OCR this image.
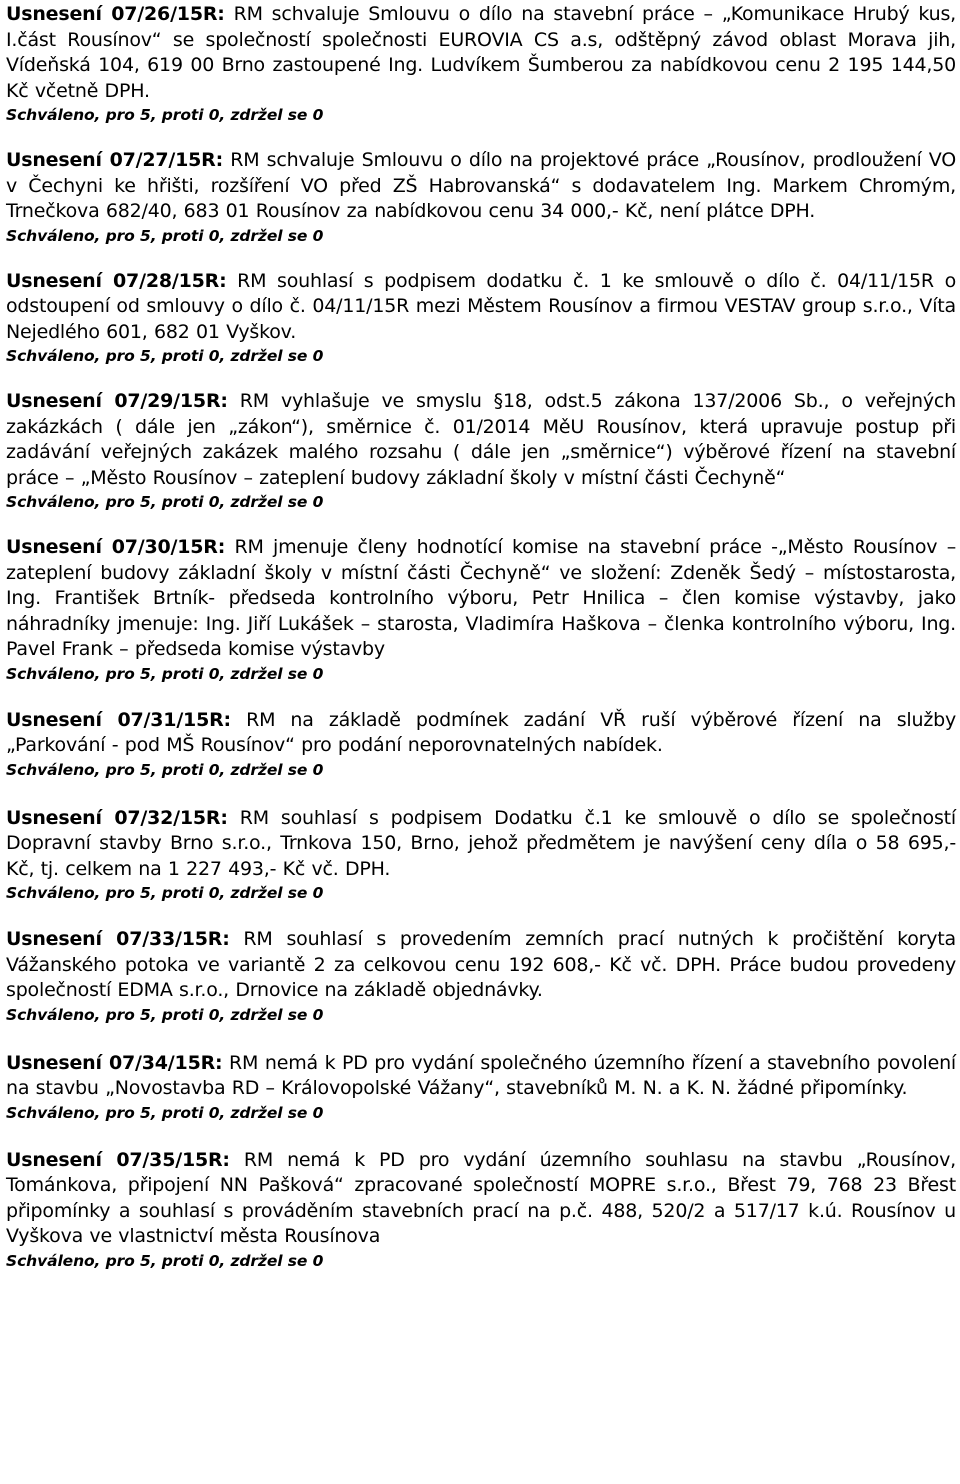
Usnesení 07/26/15R: RM schvaluje Smlouvu o dílo na stavební práce – „Komunikace Hrubý kus, I.část Rousínov“ se společností společnosti EUROVIA CS a.s, odštěpný závod oblast Morava jih, Vídeňská 104, 619 00 Brno zastoupené Ing. Ludvíkem Šumberou za nabídkovou cenu 2 195 144,50 Kč včetně DPH.

Schváleno, pro 5, proti 0, zdržel se 0

Usnesení 07/27/15R: RM schvaluje Smlouvu o dílo na projektové práce „Rousínov, prodloužení VO v Čechyni ke hřišti, rozšíření VO před ZŠ Habrovanská“ s dodavatelem Ing. Markem Chromým, Trnečkova 682/40, 683 01 Rousínov za nabídkovou cenu 34 000,- Kč, není plátce DPH.

Schváleno, pro 5, proti 0, zdržel se 0

Usnesení 07/28/15R: RM souhlasí s podpisem dodatku č. 1 ke smlouvě o dílo č. 04/11/15R o odstoupení od smlouvy o dílo č. 04/11/15R mezi Městem Rousínov a firmou VESTAV group s.r.o., Víta Nejedlého 601, 682 01 Vyškov.

Schváleno, pro 5, proti 0, zdržel se 0

Usnesení 07/29/15R: RM vyhlašuje ve smyslu §18, odst.5 zákona 137/2006 Sb., o veřejných zakázkách ( dále jen „zákon“), směrnice č. 01/2014 MěU Rousínov, která upravuje postup při zadávání veřejných zakázek malého rozsahu ( dále jen „směrnice“) výběrové řízení na stavební práce – „Město Rousínov – zateplení budovy základní školy v místní části Čechyně“

Schváleno, pro 5, proti 0, zdržel se 0

Usnesení 07/30/15R: RM jmenuje členy hodnotící komise na stavební práce -„Město Rousínov – zateplení budovy základní školy v místní části Čechyně“ ve složení: Zdeněk Šedý – místostarosta, Ing. František Brtník- předseda kontrolního výboru, Petr Hnilica – člen komise výstavby, jako náhradníky jmenuje: Ing. Jiří Lukášek – starosta, Vladimíra Haškova – členka kontrolního výboru, Ing. Pavel Frank – předseda komise výstavby

Schváleno, pro 5, proti 0, zdržel se 0

Usnesení 07/31/15R: RM na základě podmínek zadání VŘ ruší výběrové řízení na služby „Parkování - pod MŠ Rousínov“ pro podání neporovnatelných nabídek.

Schváleno, pro 5, proti 0, zdržel se 0

Usnesení 07/32/15R: RM souhlasí s podpisem Dodatku č.1 ke smlouvě o dílo se společností Dopravní stavby Brno s.r.o., Trnkova 150, Brno, jehož předmětem je navýšení ceny díla o 58 695,- Kč, tj. celkem na 1 227 493,- Kč vč. DPH.

Schváleno, pro 5, proti 0, zdržel se 0

Usnesení 07/33/15R: RM souhlasí s provedením zemních prací nutných k pročištění koryta Vážanského potoka ve variantě 2 za celkovou cenu 192 608,- Kč vč. DPH. Práce budou provedeny společností EDMA s.r.o., Drnovice na základě objednávky.

Schváleno, pro 5, proti 0, zdržel se 0

Usnesení 07/34/15R: RM nemá k PD pro vydání společného územního řízení a stavebního povolení na stavbu „Novostavba RD – Královopolské Vážany“, stavebníků M. N. a K. N. žádné připomínky.

Schváleno, pro 5, proti 0, zdržel se 0

Usnesení 07/35/15R: RM nemá k PD pro vydání územního souhlasu na stavbu „Rousínov, Tománkova, připojení NN Pašková“ zpracované společností MOPRE s.r.o., Břest 79, 768 23 Břest připomínky a souhlasí s prováděním stavebních prací na p.č. 488, 520/2 a 517/17 k.ú. Rousínov u Vyškova ve vlastnictví města Rousínova

Schváleno, pro 5, proti 0, zdržel se 0
